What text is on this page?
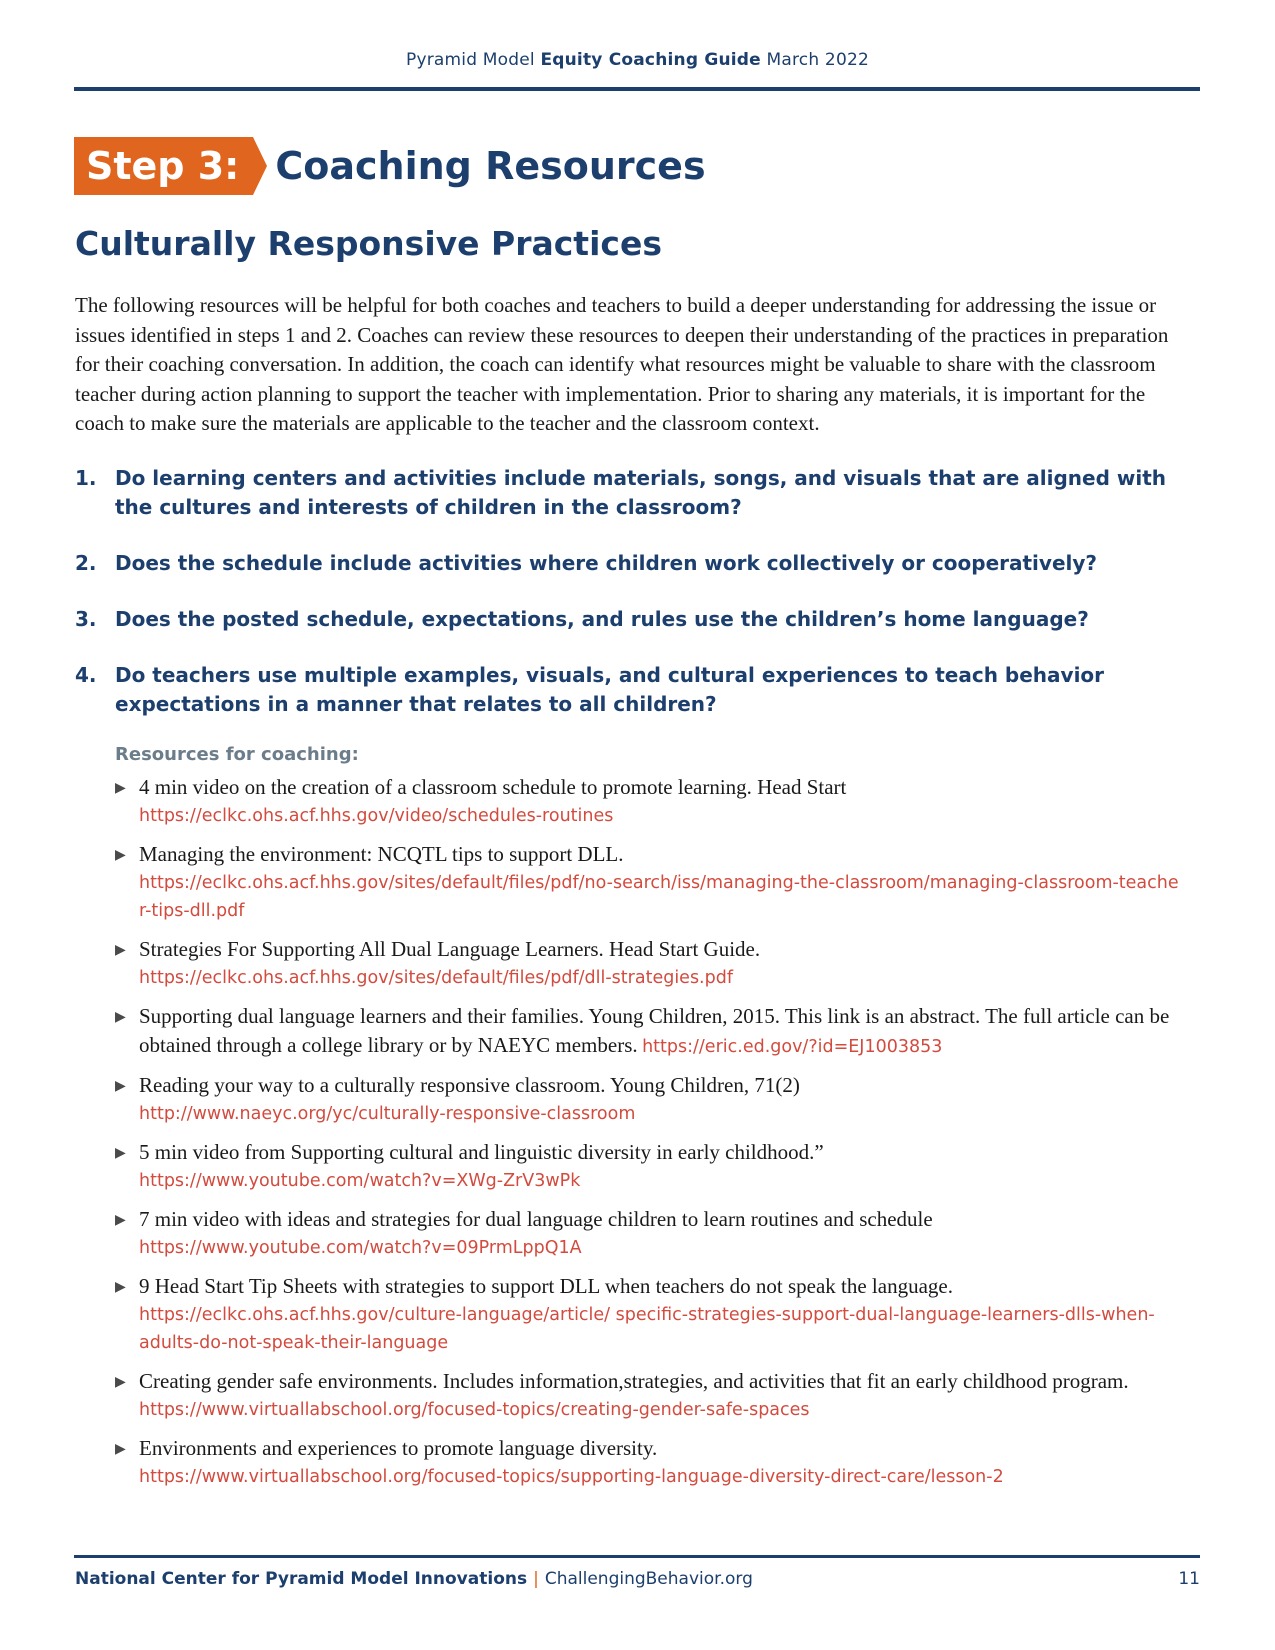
Pyramid Model Equity Coaching Guide March 2022
Step 3: Coaching Resources
Culturally Responsive Practices

The following resources will be helpful for both coaches and teachers to build a deeper understanding for addressing the issue or issues identified in steps 1 and 2. Coaches can review these resources to deepen their understanding of the practices in preparation for their coaching conversation. In addition, the coach can identify what resources might be valuable to share with the classroom teacher during action planning to support the teacher with implementation. Prior to sharing any materials, it is important for the coach to make sure the materials are applicable to the teacher and the classroom context.

1. Do learning centers and activities include materials, songs, and visuals that are aligned with the cultures and interests of children in the classroom?
2. Does the schedule include activities where children work collectively or cooperatively?
3. Does the posted schedule, expectations, and rules use the children’s home language?
4. Do teachers use multiple examples, visuals, and cultural experiences to teach behavior expectations in a manner that relates to all children?
Resources for coaching:
▶ 4 min video on the creation of a classroom schedule to promote learning. Head Start
https://eclkc.ohs.acf.hhs.gov/video/schedules-routines
▶ Managing the environment: NCQTL tips to support DLL.
https://eclkc.ohs.acf.hhs.gov/sites/default/files/pdf/no-search/iss/managing-the-classroom/managing-classroom-teacher-tips-dll.pdf
▶ Strategies For Supporting All Dual Language Learners. Head Start Guide.
https://eclkc.ohs.acf.hhs.gov/sites/default/files/pdf/dll-strategies.pdf
▶ Supporting dual language learners and their families. Young Children, 2015. This link is an abstract. The full article can be obtained through a college library or by NAEYC members. https://eric.ed.gov/?id=EJ1003853
▶ Reading your way to a culturally responsive classroom. Young Children, 71(2)
http://www.naeyc.org/yc/culturally-responsive-classroom
▶ 5 min video from Supporting cultural and linguistic diversity in early childhood.”
https://www.youtube.com/watch?v=XWg-ZrV3wPk
▶ 7 min video with ideas and strategies for dual language children to learn routines and schedule
https://www.youtube.com/watch?v=09PrmLppQ1A
▶ 9 Head Start Tip Sheets with strategies to support DLL when teachers do not speak the language.
https://eclkc.ohs.acf.hhs.gov/culture-language/article/ specific-strategies-support-dual-language-learners-dlls-when-adults-do-not-speak-their-language
▶ Creating gender safe environments. Includes information,strategies, and activities that fit an early childhood program.
https://www.virtuallabschool.org/focused-topics/creating-gender-safe-spaces
▶ Environments and experiences to promote language diversity.
https://www.virtuallabschool.org/focused-topics/supporting-language-diversity-direct-care/lesson-2
National Center for Pyramid Model Innovations | ChallengingBehavior.org	11
